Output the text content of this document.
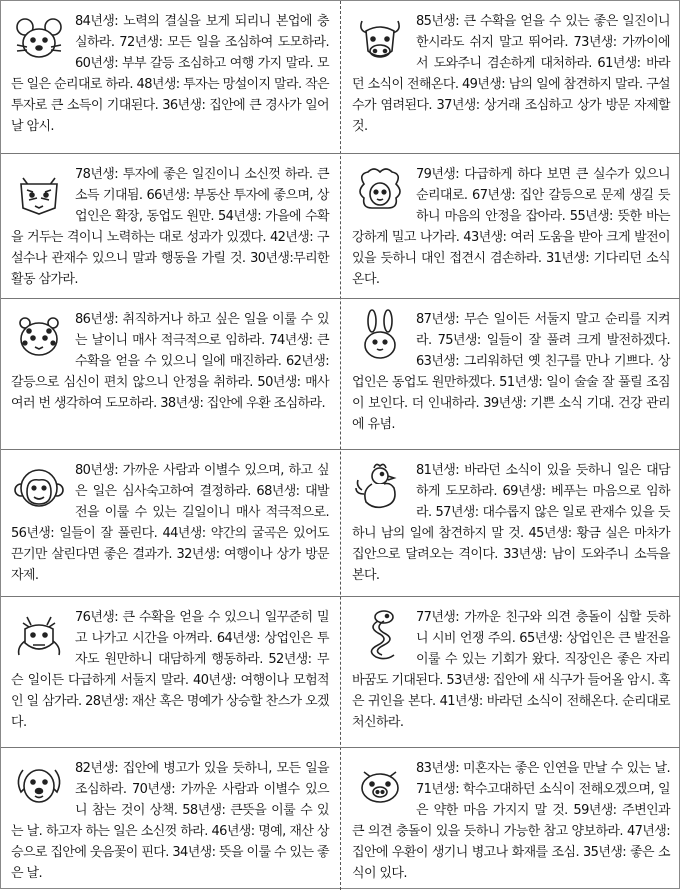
84년생: 노력의 결실을 보게 되리니 본업에 충실하라. 72년생: 모든 일을 조심하여 도모하라. 60년생: 부부 갈등 조심하고 여행 가지 말라. 모든 일은 순리대로 하라. 48년생: 투자는 망설이지 말라. 작은 투자로 큰 소득이 기대된다. 36년생: 집안에 큰 경사가 일어날 암시.

85년생: 큰 수확을 얻을 수 있는 좋은 일진이니 한시라도 쉬지 말고 뛰어라. 73년생: 가까이에서 도와주니 겸손하게 대처하라. 61년생: 바라던 소식이 전해온다. 49년생: 남의 일에 참견하지 말라. 구설수가 염려된다. 37년생: 상거래 조심하고 상가 방문 자제할 것.

78년생: 투자에 좋은 일진이니 소신껏 하라. 큰 소득 기대됨. 66년생: 부동산 투자에 좋으며, 상업인은 확장, 동업도 원만. 54년생: 가을에 수확을 거두는 격이니 노력하는 대로 성과가 있겠다. 42년생: 구설수나 관재수 있으니 말과 행동을 가릴 것. 30년생:무리한 활동 삼가라.

79년생: 다급하게 하다 보면 큰 실수가 있으니 순리대로. 67년생: 집안 갈등으로 문제 생길 듯하니 마음의 안정을 잡아라. 55년생: 뜻한 바는 강하게 밀고 나가라. 43년생: 여러 도움을 받아 크게 발전이 있을 듯하니 대인 접견시 겸손하라. 31년생: 기다리던 소식 온다.

86년생: 취직하거나 하고 싶은 일을 이룰 수 있는 날이니 매사 적극적으로 임하라. 74년생: 큰 수확을 얻을 수 있으니 일에 매진하라. 62년생: 갈등으로 심신이 편치 않으니 안정을 취하라. 50년생: 매사 여러 번 생각하여 도모하라. 38년생: 집안에 우환 조심하라.

87년생: 무슨 일이든 서둘지 말고 순리를 지켜라. 75년생: 일들이 잘 풀려 크게 발전하겠다. 63년생: 그리워하던 옛 친구를 만나 기쁘다. 상업인은 동업도 원만하겠다. 51년생: 일이 술술 잘 풀릴 조짐이 보인다. 더 인내하라. 39년생: 기쁜 소식 기대. 건강 관리에 유념.

80년생: 가까운 사람과 이별수 있으며, 하고 싶은 일은 심사숙고하여 결정하라. 68년생: 대발전을 이룰 수 있는 길일이니 매사 적극적으로. 56년생: 일들이 잘 풀린다. 44년생: 약간의 굴곡은 있어도 끈기만 살린다면 좋은 결과가. 32년생: 여행이나 상가 방문 자제.

81년생: 바라던 소식이 있을 듯하니 일은 대담하게 도모하라. 69년생: 베푸는 마음으로 임하라. 57년생: 대수롭지 않은 일로 관재수 있을 듯하니 남의 일에 참견하지 말 것. 45년생: 황금 실은 마차가 집안으로 달려오는 격이다. 33년생: 남이 도와주니 소득을 본다.

76년생: 큰 수확을 얻을 수 있으니 일꾸준히 밀고 나가고 시간을 아껴라. 64년생: 상업인은 투자도 원만하니 대담하게 행동하라. 52년생: 무슨 일이든 다급하게 서둘지 말라. 40년생: 여행이나 모험적인 일 삼가라. 28년생: 재산 혹은 명예가 상승할 찬스가 오겠다.

77년생: 가까운 친구와 의견 충돌이 심할 듯하니 시비 언쟁 주의. 65년생: 상업인은 큰 발전을 이룰 수 있는 기회가 왔다. 직장인은 좋은 자리바꿈도 기대된다. 53년생: 집안에 새 식구가 들어올 암시. 혹은 귀인을 본다. 41년생: 바라던 소식이 전해온다. 순리대로 처신하라.

82년생: 집안에 병고가 있을 듯하니, 모든 일을 조심하라. 70년생: 가까운 사람과 이별수 있으니 참는 것이 상책. 58년생: 큰뜻을 이룰 수 있는 날. 하고자 하는 일은 소신껏 하라. 46년생: 명예, 재산 상승으로 집안에 웃음꽃이 핀다. 34년생: 뜻을 이룰 수 있는 좋은 날.

83년생: 미혼자는 좋은 인연을 만날 수 있는 날. 71년생: 학수고대하던 소식이 전해오겠으며, 일은 약한 마음 가지지 말 것. 59년생: 주변인과 큰 의견 충돌이 있을 듯하니 가능한 참고 양보하라. 47년생: 집안에 우환이 생기니 병고나 화재를 조심. 35년생: 좋은 소식이 있다.
